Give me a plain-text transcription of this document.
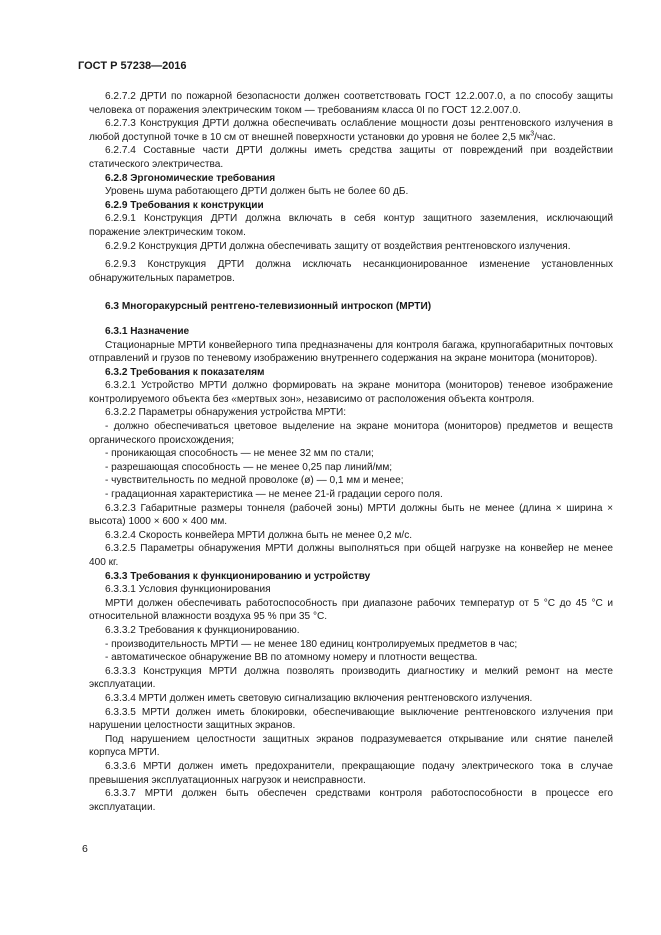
ГОСТ Р 57238—2016

6.2.7.2 ДРТИ по пожарной безопасности должен соответствовать ГОСТ 12.2.007.0, а по способу защиты человека от поражения электрическим током — требованиям класса 0I по ГОСТ 12.2.007.0.

6.2.7.3 Конструкция ДРТИ должна обеспечивать ослабление мощности дозы рентгеновского излучения в любой доступной точке в 10 см от внешней поверхности установки до уровня не более 2,5 $мк^3$/час.

6.2.7.4 Составные части ДРТИ должны иметь средства защиты от повреждений при воздействии статического электричества.

6.2.8 Эргономические требования

Уровень шума работающего ДРТИ должен быть не более 60 дБ.

6.2.9 Требования к конструкции

6.2.9.1 Конструкция ДРТИ должна включать в себя контур защитного заземления, исключающий поражение электрическим током.

6.2.9.2 Конструкция ДРТИ должна обеспечивать защиту от воздействия рентгеновского излучения.

6.2.9.3 Конструкция ДРТИ должна исключать несанкционированное изменение установленных обнаружительных параметров.

6.3 Многоракурсный рентгено-телевизионный интроскоп (МРТИ)

6.3.1 Назначение

Стационарные МРТИ конвейерного типа предназначены для контроля багажа, крупногабаритных почтовых отправлений и грузов по теневому изображению внутреннего содержания на экране монитора (мониторов).

6.3.2 Требования к показателям

6.3.2.1 Устройство МРТИ должно формировать на экране монитора (мониторов) теневое изображение контролируемого объекта без «мертвых зон», независимо от расположения объекта контроля.

6.3.2.2 Параметры обнаружения устройства МРТИ:

- должно обеспечиваться цветовое выделение на экране монитора (мониторов) предметов и веществ органического происхождения;

- проникающая способность — не менее 32 мм по стали;

- разрешающая способность — не менее 0,25 пар линий/мм;

- чувствительность по медной проволоке (ø) — 0,1 мм и менее;

- градационная характеристика — не менее 21-й градации серого поля.

6.3.2.3 Габаритные размеры тоннеля (рабочей зоны) МРТИ должны быть не менее (длина × ширина × высота) 1000 × 600 × 400 мм.

6.3.2.4 Скорость конвейера МРТИ должна быть не менее 0,2 м/с.

6.3.2.5 Параметры обнаружения МРТИ должны выполняться при общей нагрузке на конвейер не менее 400 кг.

6.3.3 Требования к функционированию и устройству

6.3.3.1 Условия функционирования

МРТИ должен обеспечивать работоспособность при диапазоне рабочих температур от 5 °С до 45 °С и относительной влажности воздуха 95 % при 35 °С.

6.3.3.2 Требования к функционированию.

- производительность МРТИ — не менее 180 единиц контролируемых предметов в час;

- автоматическое обнаружение ВВ по атомному номеру и плотности вещества.

6.3.3.3 Конструкция МРТИ должна позволять производить диагностику и мелкий ремонт на месте эксплуатации.

6.3.3.4 МРТИ должен иметь световую сигнализацию включения рентгеновского излучения.

6.3.3.5 МРТИ должен иметь блокировки, обеспечивающие выключение рентгеновского излучения при нарушении целостности защитных экранов.

Под нарушением целостности защитных экранов подразумевается открывание или снятие панелей корпуса МРТИ.

6.3.3.6 МРТИ должен иметь предохранители, прекращающие подачу электрического тока в случае превышения эксплуатационных нагрузок и неисправности.

6.3.3.7 МРТИ должен быть обеспечен средствами контроля работоспособности в процессе его эксплуатации.

6
